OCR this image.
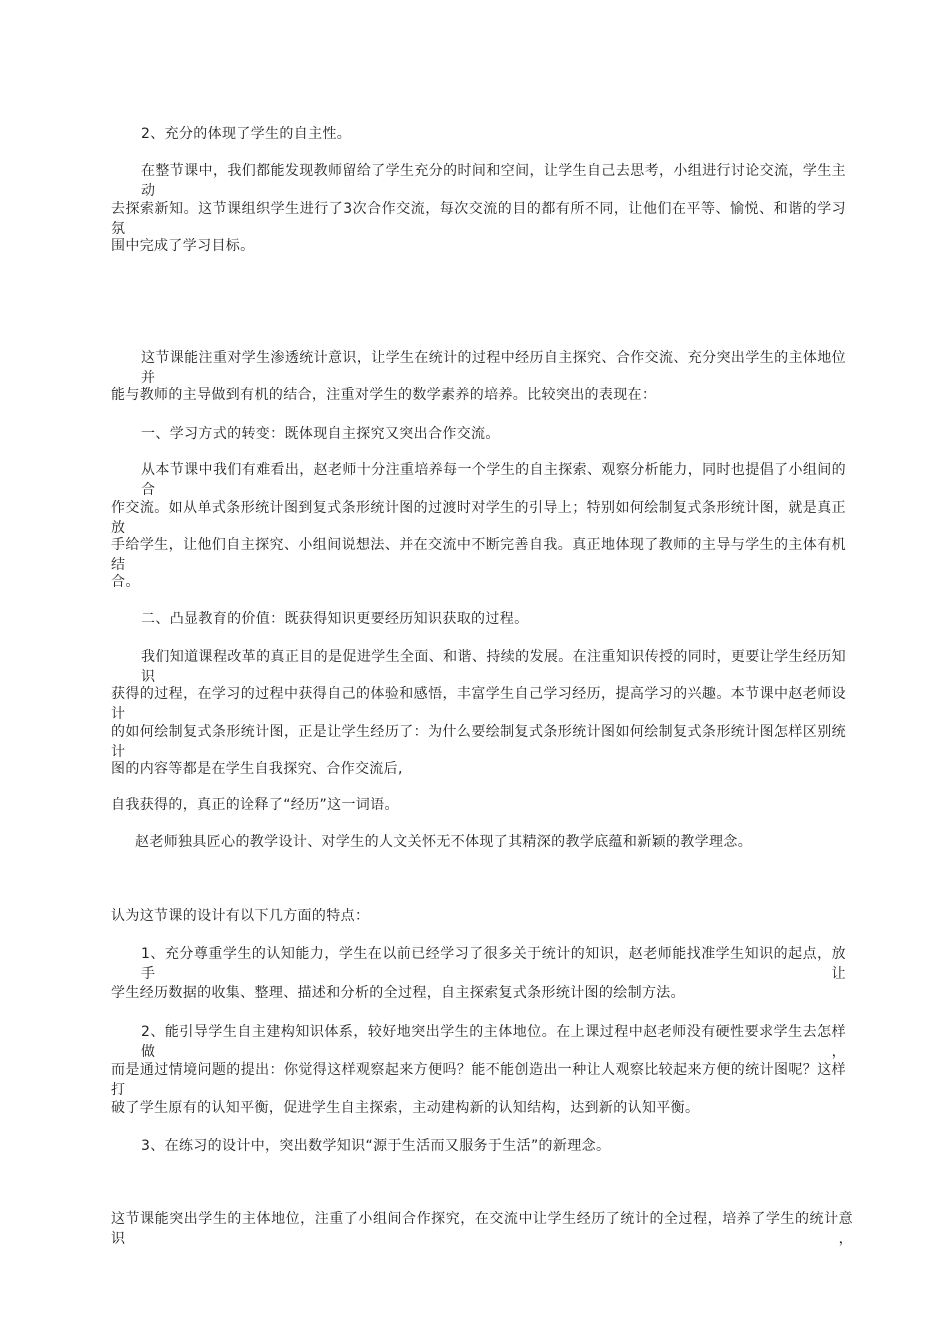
2、充分的体现了学生的自主性。
在整节课中，我们都能发现教师留给了学生充分的时间和空间，让学生自己去思考，小组进行讨论交流，学生主动
去探索新知。这节课组织学生进行了3次合作交流，每次交流的目的都有所不同，让他们在平等、愉悦、和谐的学习氛
围中完成了学习目标。
这节课能注重对学生渗透统计意识，让学生在统计的过程中经历自主探究、合作交流、充分突出学生的主体地位并
能与教师的主导做到有机的结合，注重对学生的数学素养的培养。比较突出的表现在：
一、学习方式的转变：既体现自主探究又突出合作交流。
从本节课中我们有难看出，赵老师十分注重培养每一个学生的自主探索、观察分析能力，同时也提倡了小组间的合
作交流。如从单式条形统计图到复式条形统计图的过渡时对学生的引导上；特别如何绘制复式条形统计图，就是真正放
手给学生，让他们自主探究、小组间说想法、并在交流中不断完善自我。真正地体现了教师的主导与学生的主体有机结
合。
二、凸显教育的价值：既获得知识更要经历知识获取的过程。
我们知道课程改革的真正目的是促进学生全面、和谐、持续的发展。在注重知识传授的同时，更要让学生经历知识
获得的过程，在学习的过程中获得自己的体验和感悟，丰富学生自己学习经历，提高学习的兴趣。本节课中赵老师设计
的如何绘制复式条形统计图，正是让学生经历了：为什么要绘制复式条形统计图如何绘制复式条形统计图怎样区别统计
图的内容等都是在学生自我探究、合作交流后,
自我获得的，真正的诠释了“经历”这一词语。
赵老师独具匠心的教学设计、对学生的人文关怀无不体现了其精深的教学底蕴和新颖的教学理念。
认为这节课的设计有以下几方面的特点：
1、充分尊重学生的认知能力，学生在以前已经学习了很多关于统计的知识，赵老师能找准学生知识的起点，放手让
学生经历数据的收集、整理、描述和分析的全过程，自主探索复式条形统计图的绘制方法。
2、能引导学生自主建构知识体系，较好地突出学生的主体地位。在上课过程中赵老师没有硬性要求学生去怎样做，
而是通过情境问题的提出：你觉得这样观察起来方便吗？能不能创造出一种让人观察比较起来方便的统计图呢？这样打
破了学生原有的认知平衡，促进学生自主探索，主动建构新的认知结构，达到新的认知平衡。
3、在练习的设计中，突出数学知识“源于生活而又服务于生活”的新理念。
这节课能突出学生的主体地位，注重了小组间合作探究，在交流中让学生经历了统计的全过程，培养了学生的统计意识，
